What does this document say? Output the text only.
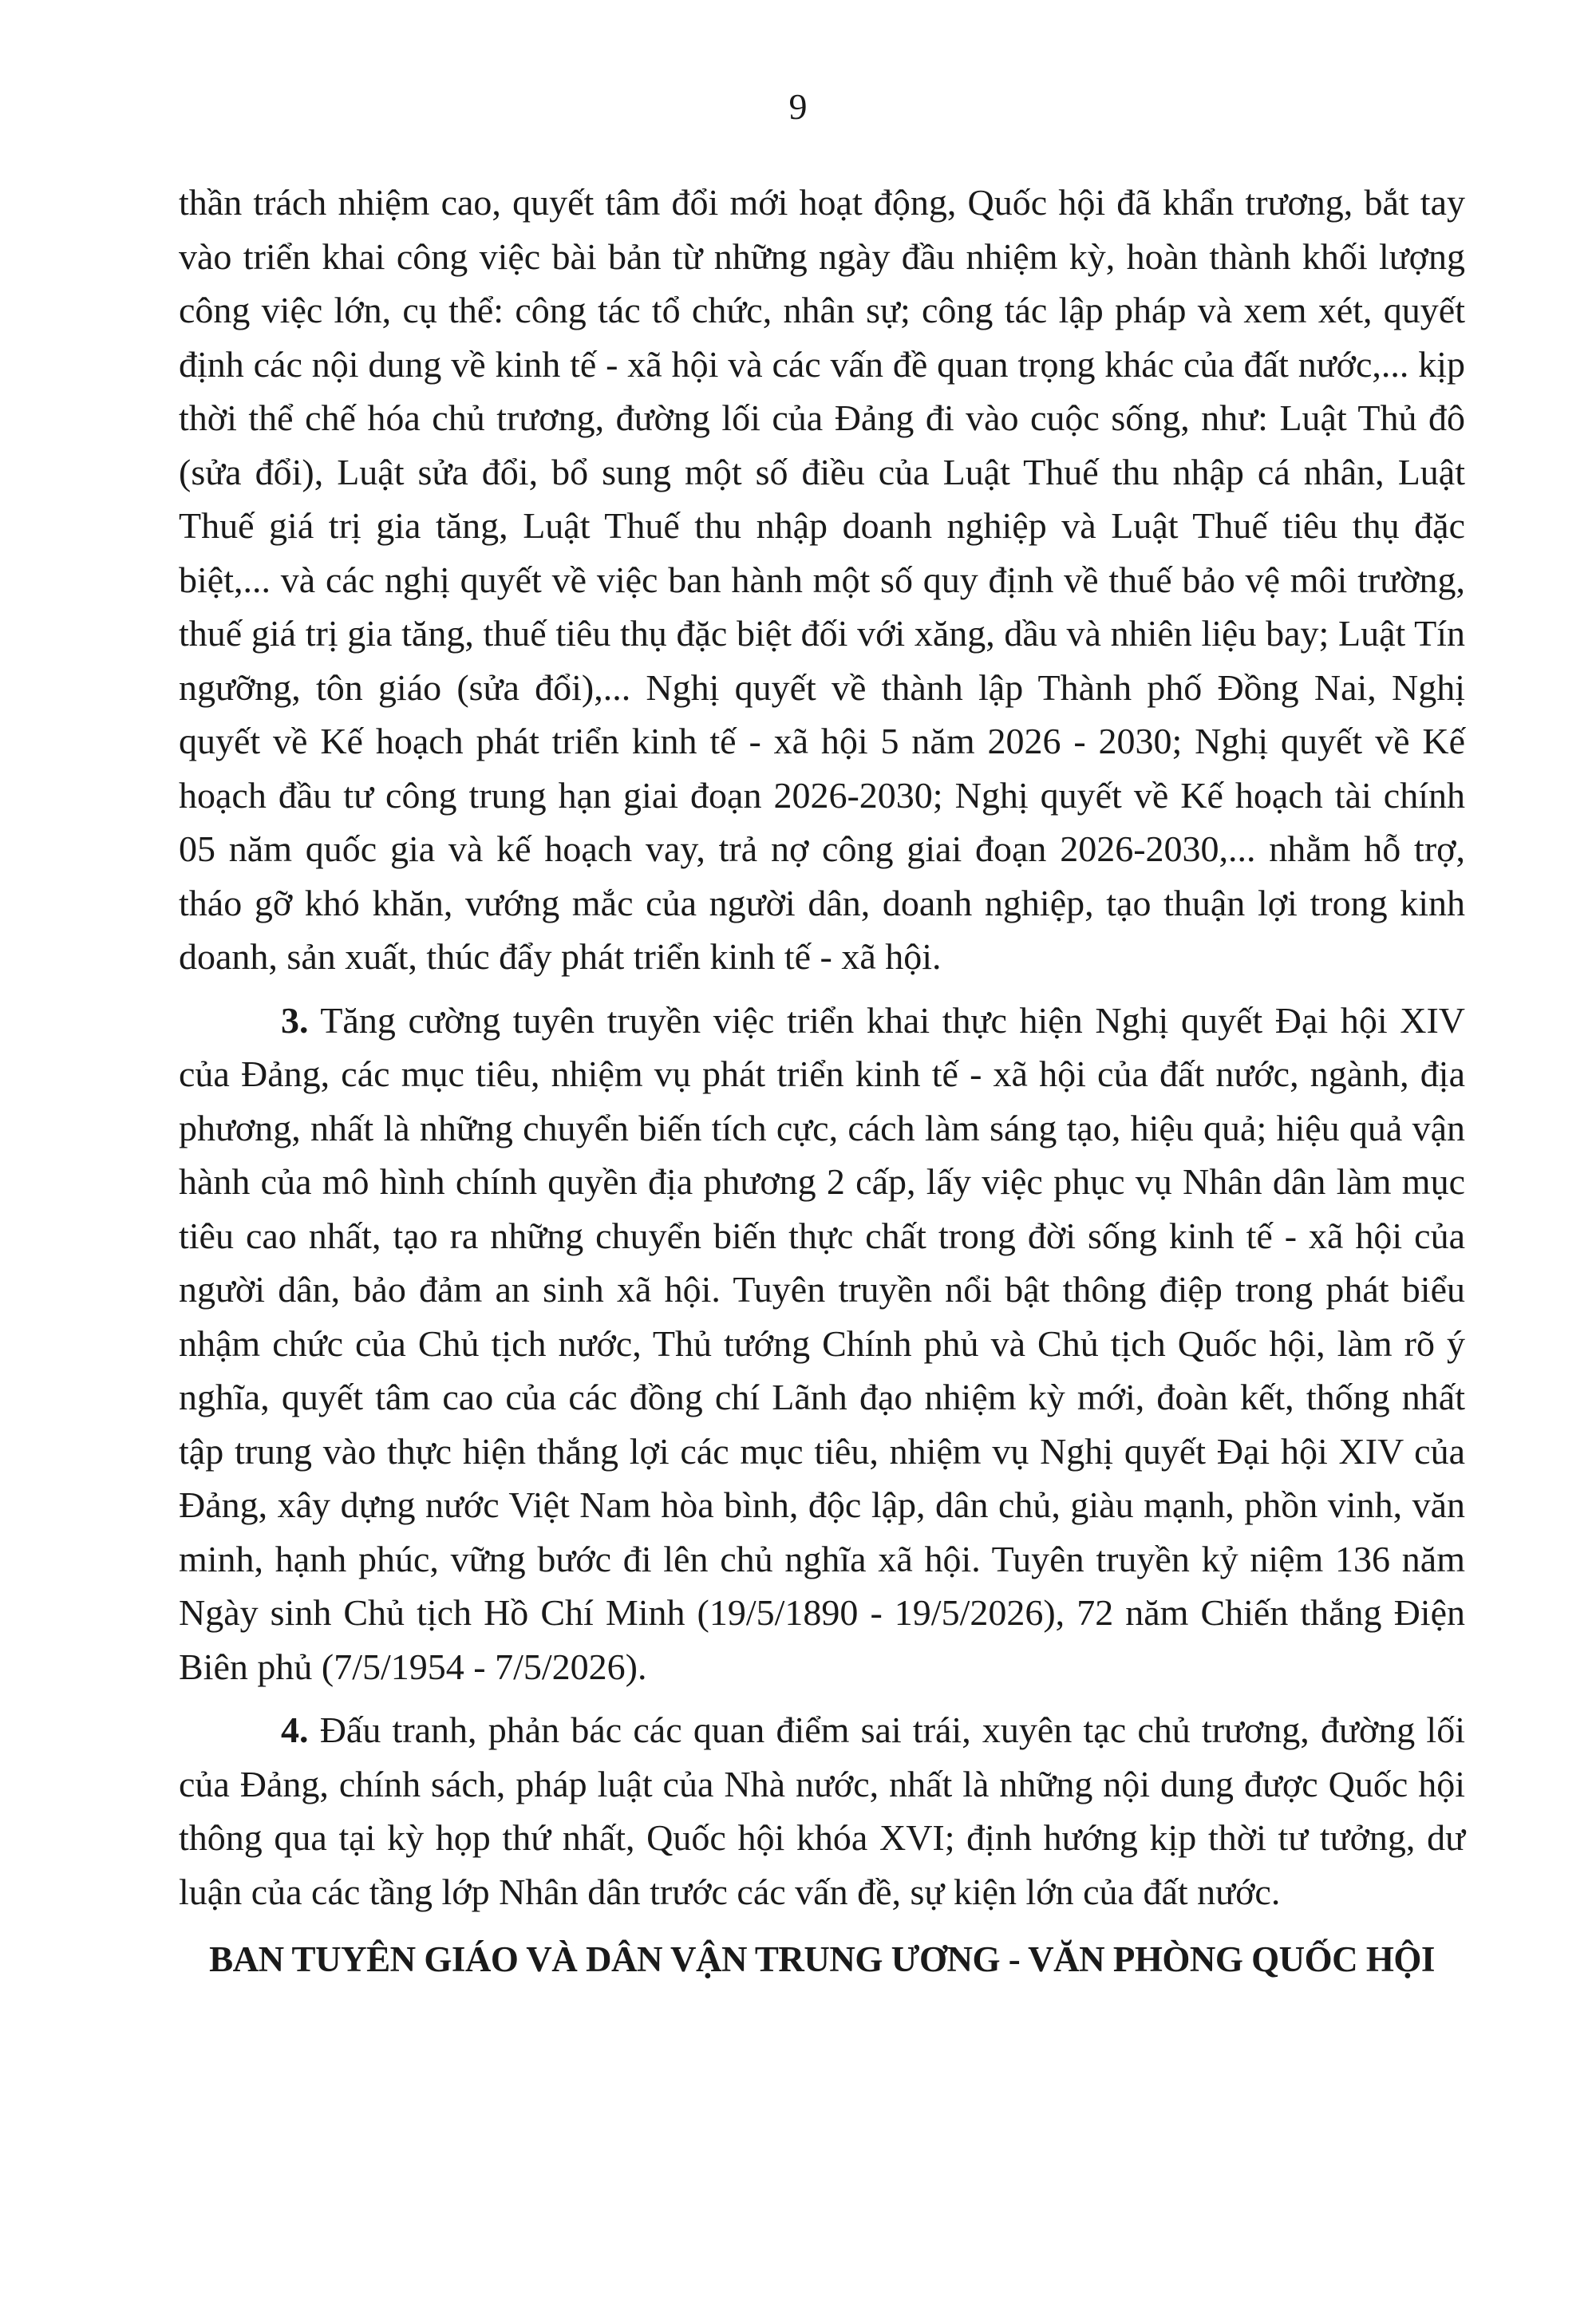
9

thần trách nhiệm cao, quyết tâm đổi mới hoạt động, Quốc hội đã khẩn trương, bắt tay vào triển khai công việc bài bản từ những ngày đầu nhiệm kỳ, hoàn thành khối lượng công việc lớn, cụ thể: công tác tổ chức, nhân sự; công tác lập pháp và xem xét, quyết định các nội dung về kinh tế - xã hội và các vấn đề quan trọng khác của đất nước,... kịp thời thể chế hóa chủ trương, đường lối của Đảng đi vào cuộc sống, như: Luật Thủ đô (sửa đổi), Luật sửa đổi, bổ sung một số điều của Luật Thuế thu nhập cá nhân, Luật Thuế giá trị gia tăng, Luật Thuế thu nhập doanh nghiệp và Luật Thuế tiêu thụ đặc biệt,... và các nghị quyết về việc ban hành một số quy định về thuế bảo vệ môi trường, thuế giá trị gia tăng, thuế tiêu thụ đặc biệt đối với xăng, dầu và nhiên liệu bay; Luật Tín ngưỡng, tôn giáo (sửa đổi),... Nghị quyết về thành lập Thành phố Đồng Nai, Nghị quyết về Kế hoạch phát triển kinh tế - xã hội 5 năm 2026 - 2030; Nghị quyết về Kế hoạch đầu tư công trung hạn giai đoạn 2026-2030; Nghị quyết về Kế hoạch tài chính 05 năm quốc gia và kế hoạch vay, trả nợ công giai đoạn 2026-2030,... nhằm hỗ trợ, tháo gỡ khó khăn, vướng mắc của người dân, doanh nghiệp, tạo thuận lợi trong kinh doanh, sản xuất, thúc đẩy phát triển kinh tế - xã hội.

3. Tăng cường tuyên truyền việc triển khai thực hiện Nghị quyết Đại hội XIV của Đảng, các mục tiêu, nhiệm vụ phát triển kinh tế - xã hội của đất nước, ngành, địa phương, nhất là những chuyển biến tích cực, cách làm sáng tạo, hiệu quả; hiệu quả vận hành của mô hình chính quyền địa phương 2 cấp, lấy việc phục vụ Nhân dân làm mục tiêu cao nhất, tạo ra những chuyển biến thực chất trong đời sống kinh tế - xã hội của người dân, bảo đảm an sinh xã hội. Tuyên truyền nổi bật thông điệp trong phát biểu nhậm chức của Chủ tịch nước, Thủ tướng Chính phủ và Chủ tịch Quốc hội, làm rõ ý nghĩa, quyết tâm cao của các đồng chí Lãnh đạo nhiệm kỳ mới, đoàn kết, thống nhất tập trung vào thực hiện thắng lợi các mục tiêu, nhiệm vụ Nghị quyết Đại hội XIV của Đảng, xây dựng nước Việt Nam hòa bình, độc lập, dân chủ, giàu mạnh, phồn vinh, văn minh, hạnh phúc, vững bước đi lên chủ nghĩa xã hội. Tuyên truyền kỷ niệm 136 năm Ngày sinh Chủ tịch Hồ Chí Minh (19/5/1890 - 19/5/2026), 72 năm Chiến thắng Điện Biên phủ (7/5/1954 - 7/5/2026).

4. Đấu tranh, phản bác các quan điểm sai trái, xuyên tạc chủ trương, đường lối của Đảng, chính sách, pháp luật của Nhà nước, nhất là những nội dung được Quốc hội thông qua tại kỳ họp thứ nhất, Quốc hội khóa XVI; định hướng kịp thời tư tưởng, dư luận của các tầng lớp Nhân dân trước các vấn đề, sự kiện lớn của đất nước.

BAN TUYÊN GIÁO VÀ DÂN VẬN TRUNG ƯƠNG - VĂN PHÒNG QUỐC HỘI
